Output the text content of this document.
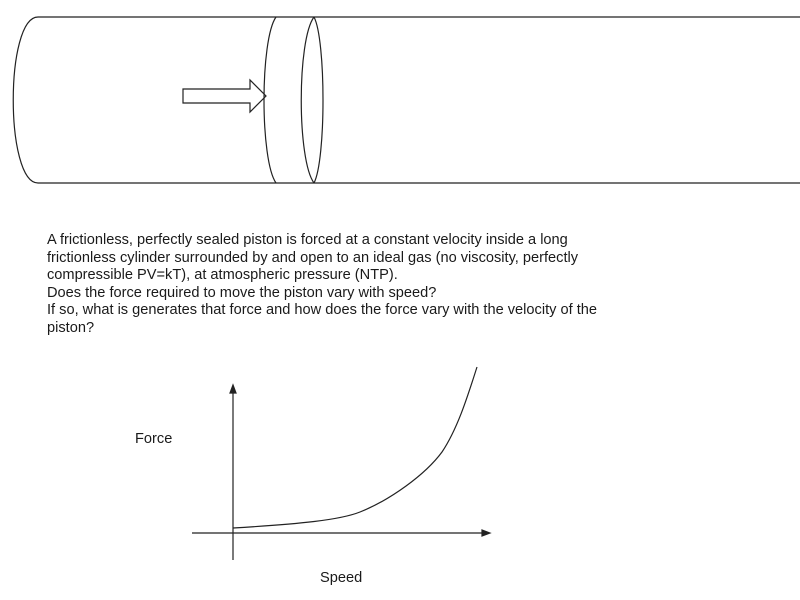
A frictionless, perfectly sealed piston is forced at a constant velocity inside a long
frictionless cylinder surrounded by and open to an ideal gas (no viscosity, perfectly
compressible PV=kT), at atmospheric pressure (NTP).
Does the force required to move the piston vary with speed?
If so, what is generates that force and how does the force vary with the velocity of the
piston?
Force
Speed
